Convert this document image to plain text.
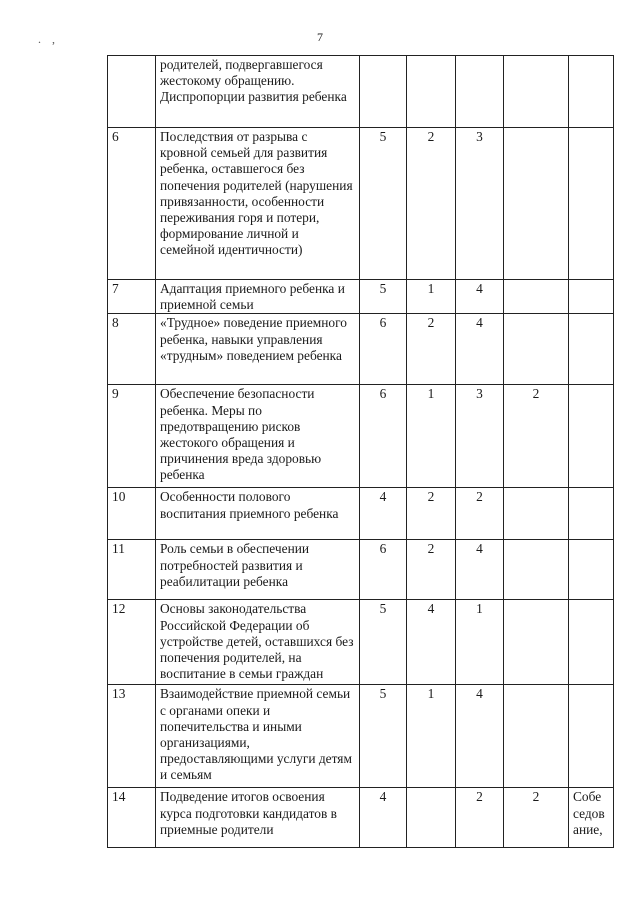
7
. ,
	родителей, подвергавшегося жестокому обращению. Диспропорции развития ребенка					
6	Последствия от разрыва с кровной семьей для развития ребенка, оставшегося без попечения родителей (нарушения привязанности, особенности переживания горя и потери, формирование личной и семейной идентичности)	5	2	3		
7	Адаптация приемного ребенка и приемной семьи	5	1	4		
8	«Трудное» поведение приемного ребенка, навыки управления «трудным» поведением ребенка	6	2	4		
9	Обеспечение безопасности ребенка. Меры по предотвращению рисков жестокого обращения и причинения вреда здоровью ребенка	6	1	3	2	
10	Особенности полового воспитания приемного ребенка	4	2	2		
11	Роль семьи в обеспечении потребностей развития и реабилитации ребенка	6	2	4		
12	Основы законодательства Российской Федерации об устройстве детей, оставшихся без попечения родителей, на воспитание в семьи граждан	5	4	1		
13	Взаимодействие приемной семьи с органами опеки и попечительства и иными организациями, предоставляющими услуги детям и семьям	5	1	4		
14	Подведение итогов освоения курса подготовки кандидатов в приемные родители	4		2	2	Собе седов ание,
